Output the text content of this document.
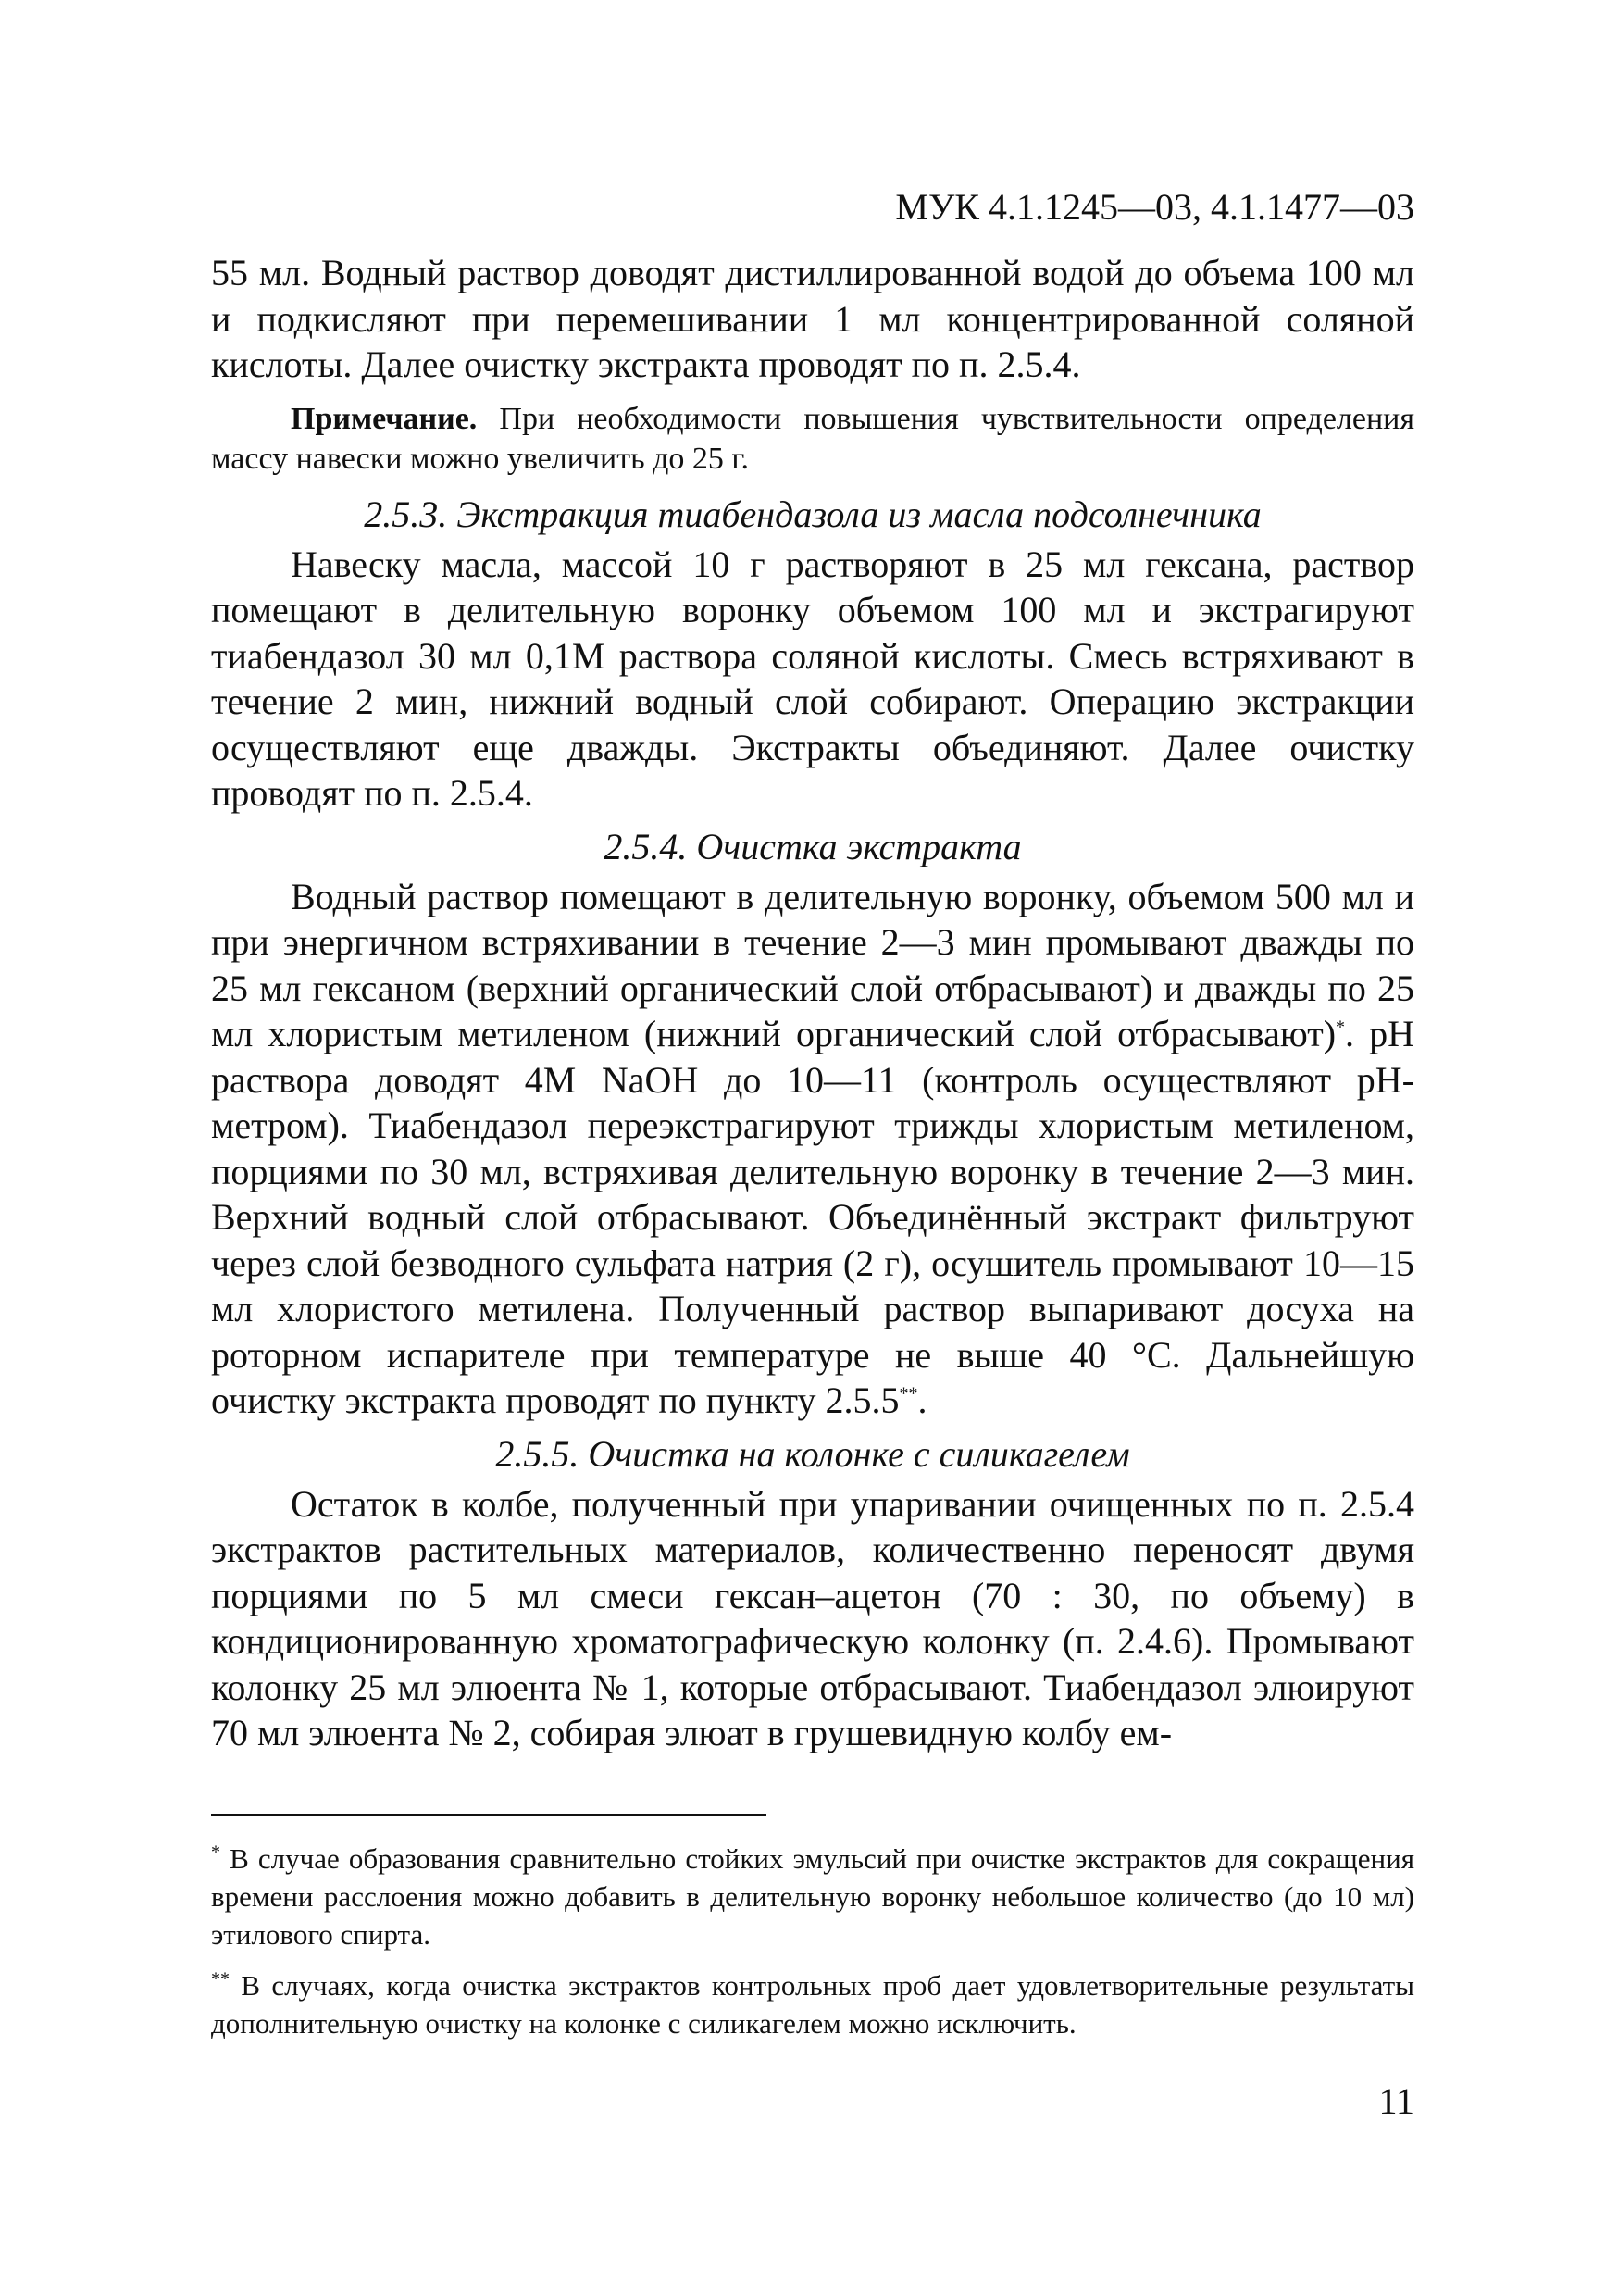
МУК 4.1.1245—03, 4.1.1477—03

55 мл. Водный раствор доводят дистиллированной водой до объема 100 мл и подкисляют при перемешивании 1 мл концентрированной соляной кислоты. Далее очистку экстракта проводят по п. 2.5.4.

Примечание. При необходимости повышения чувствительности определения массу навески можно увеличить до 25 г.
2.5.3. Экстракция тиабендазола из масла подсолнечника

Навеску масла, массой 10 г растворяют в 25 мл гексана, раствор помещают в делительную воронку объемом 100 мл и экстрагируют тиабендазол 30 мл 0,1М раствора соляной кислоты. Смесь встряхивают в течение 2 мин, нижний водный слой собирают. Операцию экстракции осуществляют еще дважды. Экстракты объединяют. Далее очистку проводят по п. 2.5.4.

2.5.4. Очистка экстракта

Водный раствор помещают в делительную воронку, объемом 500 мл и при энергичном встряхивании в течение 2—3 мин промывают дважды по 25 мл гексаном (верхний органический слой отбрасывают) и дважды по 25 мл хлористым метиленом (нижний органический слой отбрасывают)*. pH раствора доводят 4М NaOH до 10—11 (контроль осуществляют pH-метром). Тиабендазол переэкстрагируют трижды хлористым метиленом, порциями по 30 мл, встряхивая делительную воронку в течение 2—3 мин. Верхний водный слой отбрасывают. Объединённый экстракт фильтруют через слой безводного сульфата натрия (2 г), осушитель промывают 10—15 мл хлористого метилена. Полученный раствор выпаривают досуха на роторном испарителе при температуре не выше 40 °С. Дальнейшую очистку экстракта проводят по пункту 2.5.5**.

2.5.5. Очистка на колонке с силикагелем

Остаток в колбе, полученный при упаривании очищенных по п. 2.5.4 экстрактов растительных материалов, количественно переносят двумя порциями по 5 мл смеси гексан–ацетон (70 : 30, по объему) в кондиционированную хроматографическую колонку (п. 2.4.6). Промывают колонку 25 мл элюента № 1, которые отбрасывают. Тиабендазол элюируют 70 мл элюента № 2, собирая элюат в грушевидную колбу ем-

* В случае образования сравнительно стойких эмульсий при очистке экстрактов для сокращения времени расслоения можно добавить в делительную воронку небольшое количество (до 10 мл) этилового спирта.

** В случаях, когда очистка экстрактов контрольных проб дает удовлетворительные результаты дополнительную очистку на колонке с силикагелем можно исключить.

11
